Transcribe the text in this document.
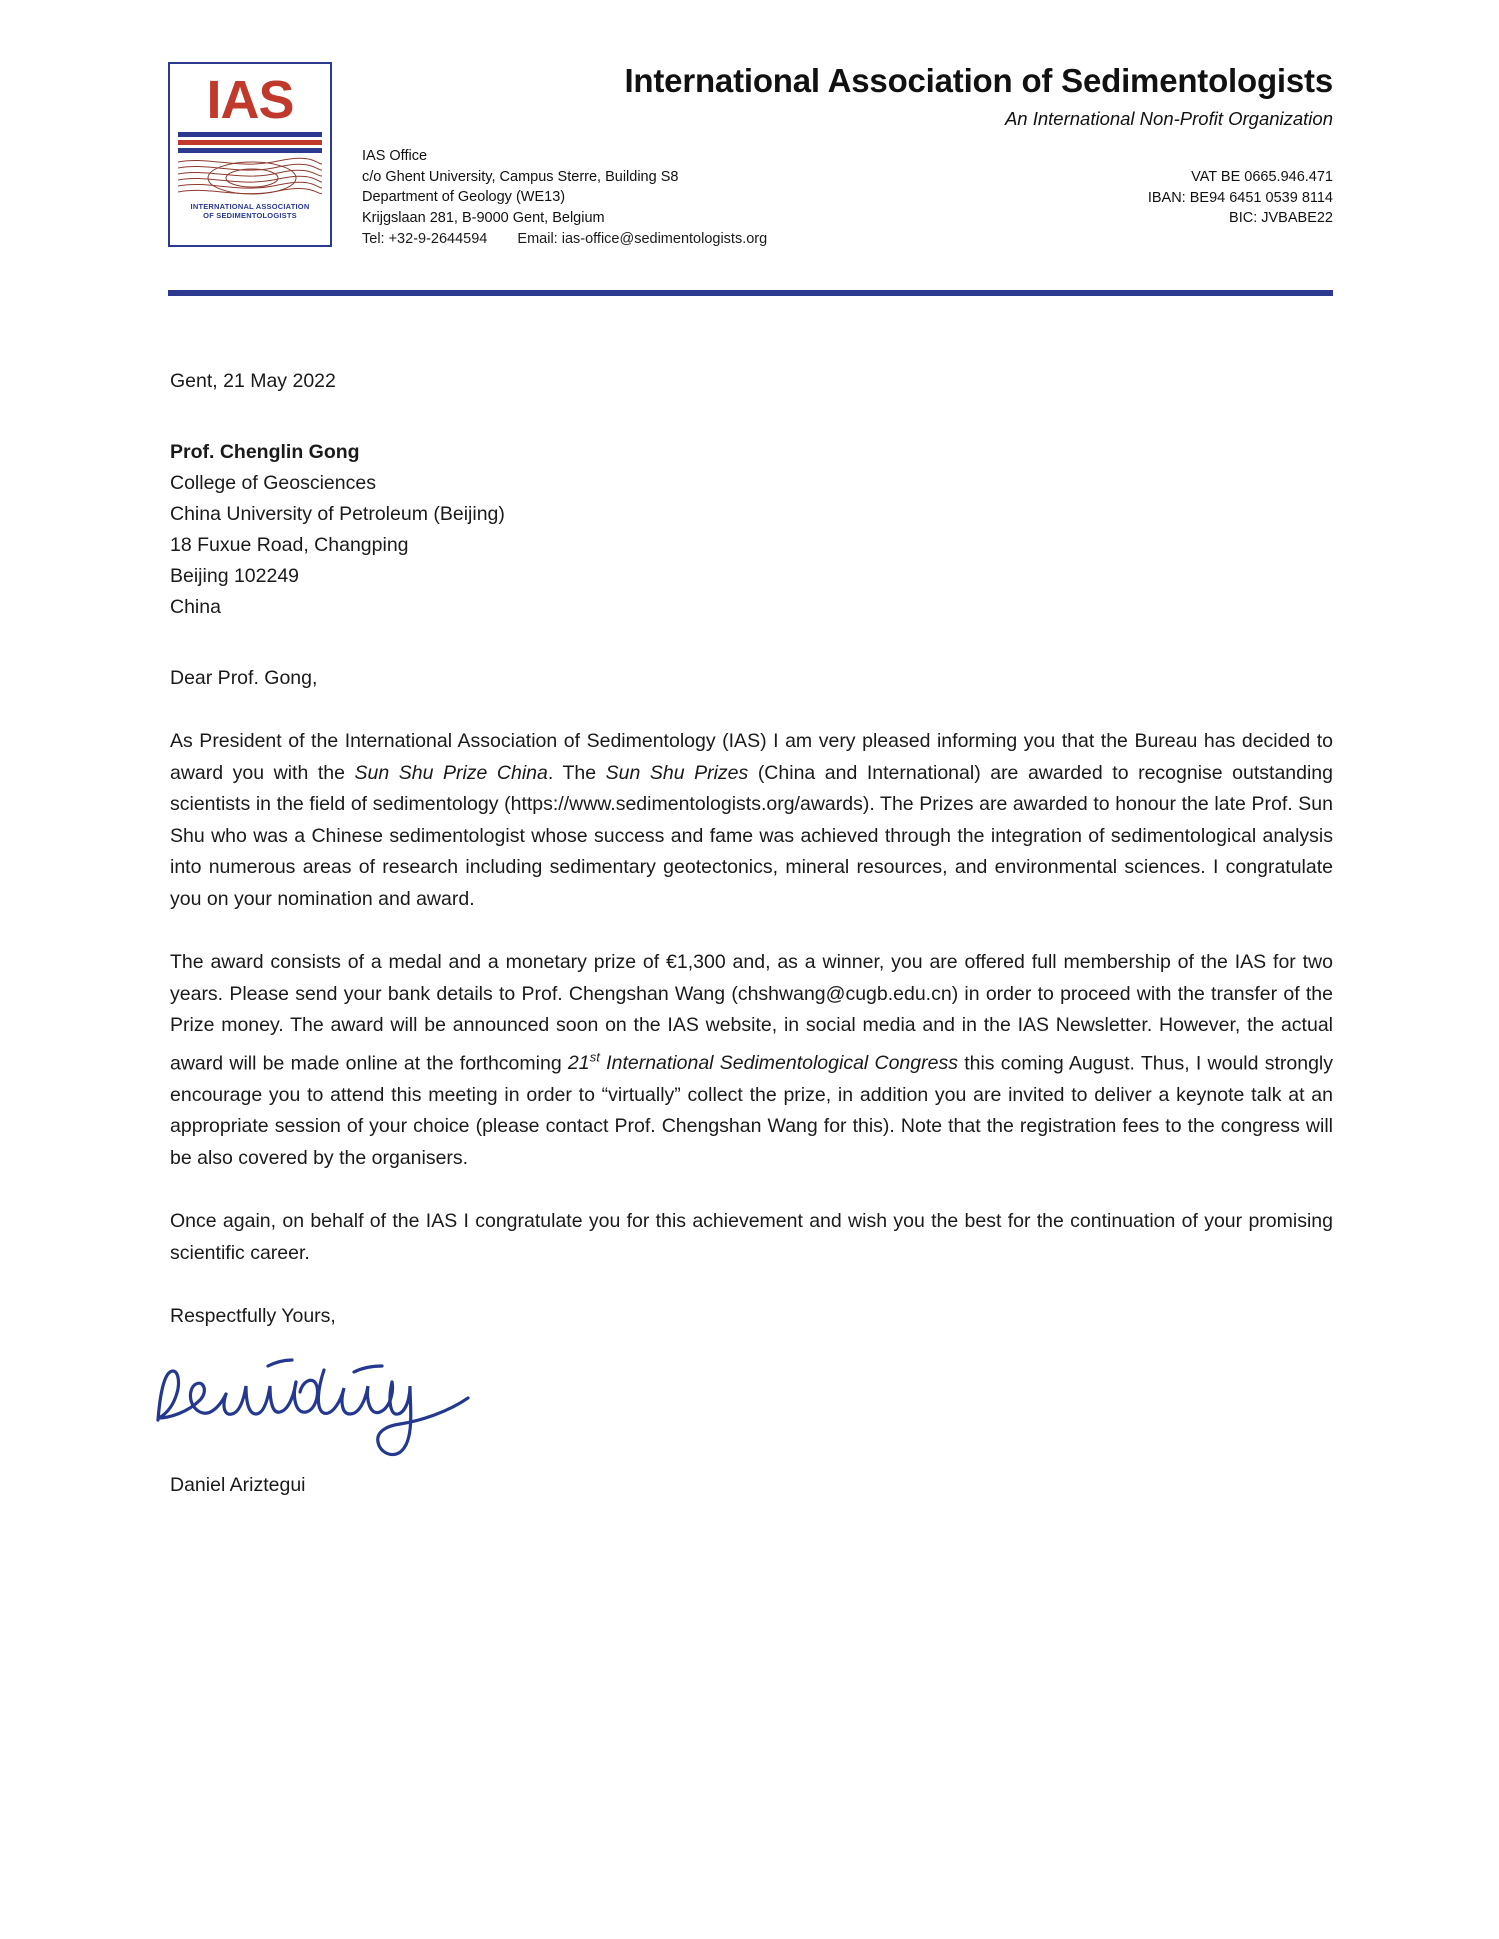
IAS
INTERNATIONAL ASSOCIATION
OF SEDIMENTOLOGISTS
International Association of Sedimentologists
An International Non-Profit Organization
IAS Office
c/o Ghent University, Campus Sterre, Building S8
Department of Geology (WE13)
Krijgslaan 281, B-9000 Gent, Belgium
VAT BE 0665.946.471
IBAN: BE94 6451 0539 8114
BIC: JVBABE22
Tel: +32-9-2644594 Email: ias-office@sedimentologists.org
Gent, 21 May 2022
Prof. Chenglin Gong
College of Geosciences
China University of Petroleum (Beijing)
18 Fuxue Road, Changping
Beijing 102249
China
Dear Prof. Gong,

As President of the International Association of Sedimentology (IAS) I am very pleased informing you that the Bureau has decided to award you with the Sun Shu Prize China. The Sun Shu Prizes (China and International) are awarded to recognise outstanding scientists in the field of sedimentology (https://www.sedimentologists.org/awards). The Prizes are awarded to honour the late Prof. Sun Shu who was a Chinese sedimentologist whose success and fame was achieved through the integration of sedimentological analysis into numerous areas of research including sedimentary geotectonics, mineral resources, and environmental sciences. I congratulate you on your nomination and award.

The award consists of a medal and a monetary prize of €1,300 and, as a winner, you are offered full membership of the IAS for two years. Please send your bank details to Prof. Chengshan Wang (chshwang@cugb.edu.cn) in order to proceed with the transfer of the Prize money. The award will be announced soon on the IAS website, in social media and in the IAS Newsletter. However, the actual award will be made online at the forthcoming 21st International Sedimentological Congress this coming August. Thus, I would strongly encourage you to attend this meeting in order to “virtually” collect the prize, in addition you are invited to deliver a keynote talk at an appropriate session of your choice (please contact Prof. Chengshan Wang for this). Note that the registration fees to the congress will be also covered by the organisers.

Once again, on behalf of the IAS I congratulate you for this achievement and wish you the best for the continuation of your promising scientific career.

Respectfully Yours,
Daniel Ariztegui
